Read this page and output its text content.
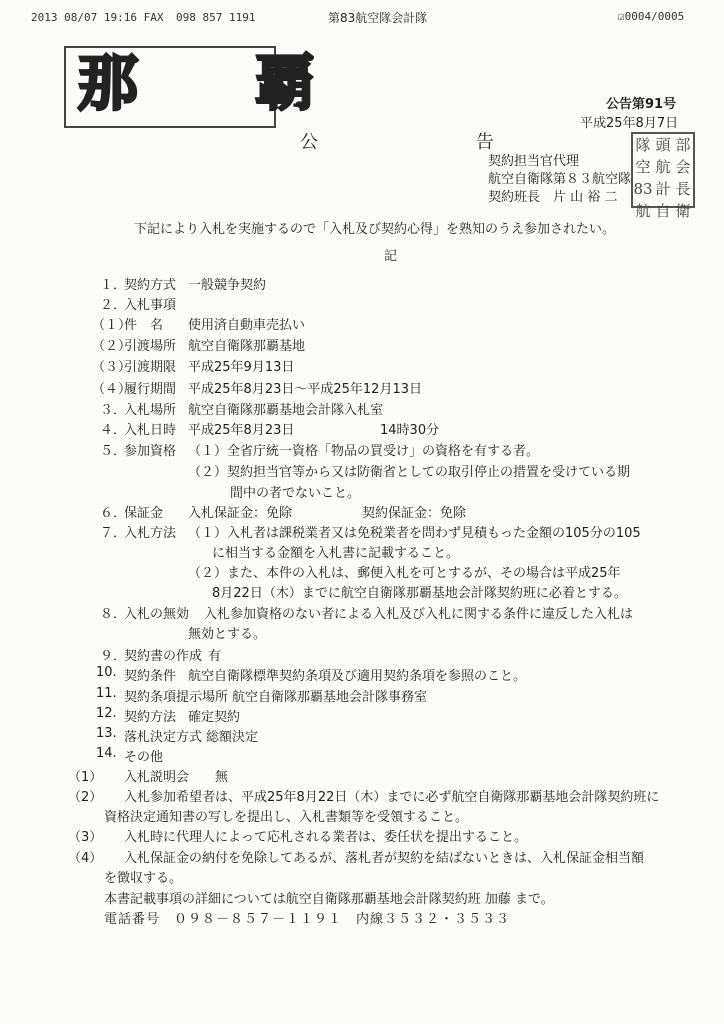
2013 08/07 19:16 FAX 098 857 1191	第83航空隊会計隊	☑0004/0005
那 覇	公告第91号
平成25年8月7日
公 告
契約担当官代理
航空自衛隊第８３航空隊
契約班長　片 山 裕 二
隊 頭 部
空 航 会
83 計 長
航 自 衛
下記により入札を実施するので「入札及び契約心得」を熟知のうえ参加されたい。
記
１．
契約方式 一般競争契約
２．
入札事項
（１）
件　名 使用済自動車売払い
（２）
引渡場所 航空自衛隊那覇基地
（３）
引渡期限 平成25年9月13日
（４）
履行期間 平成25年8月23日～平成25年12月13日
３．
入札場所 航空自衛隊那覇基地会計隊入札室
４．
入札日時 平成25年8月23日	14時30分
５．
参加資格 （１）全省庁統一資格「物品の買受け」の資格を有する者。
（２）契約担当官等から又は防衛省としての取引停止の措置を受けている期
間中の者でないこと。
６．
保証金 入札保証金：免除	契約保証金：免除
７．
入札方法 （１）入札者は課税業者又は免税業者を問わず見積もった金額の105分の105
に相当する金額を入札書に記載すること。
（２）また、本件の入札は、郵便入札を可とするが、その場合は平成25年
8月22日（木）までに航空自衛隊那覇基地会計隊契約班に必着とする。
８．
入札の無効 入札参加資格のない者による入札及び入札に関する条件に違反した入札は
無効とする。
９．
契約書の作成 有
10. 契約条件 航空自衛隊標準契約条項及び適用契約条項を参照のこと。
11. 契約条項提示場所 航空自衛隊那覇基地会計隊事務室
12. 契約方法 確定契約
13. 落札決定方式 総額決定
14. その他
（1） 入札説明会　　無
（2） 入札参加希望者は、平成25年8月22日（木）までに必ず航空自衛隊那覇基地会計隊契約班に
資格決定通知書の写しを提出し、入札書類等を受領すること。
（3） 入札時に代理人によって応札される業者は、委任状を提出すること。
（4） 入札保証金の納付を免除してあるが、落札者が契約を結ばないときは、入札保証金相当額
を徴収する。
本書記載事項の詳細については航空自衛隊那覇基地会計隊契約班 加藤 まで。
電話番号　０９８－８５７－１１９１　内線３５３２・３５３３
